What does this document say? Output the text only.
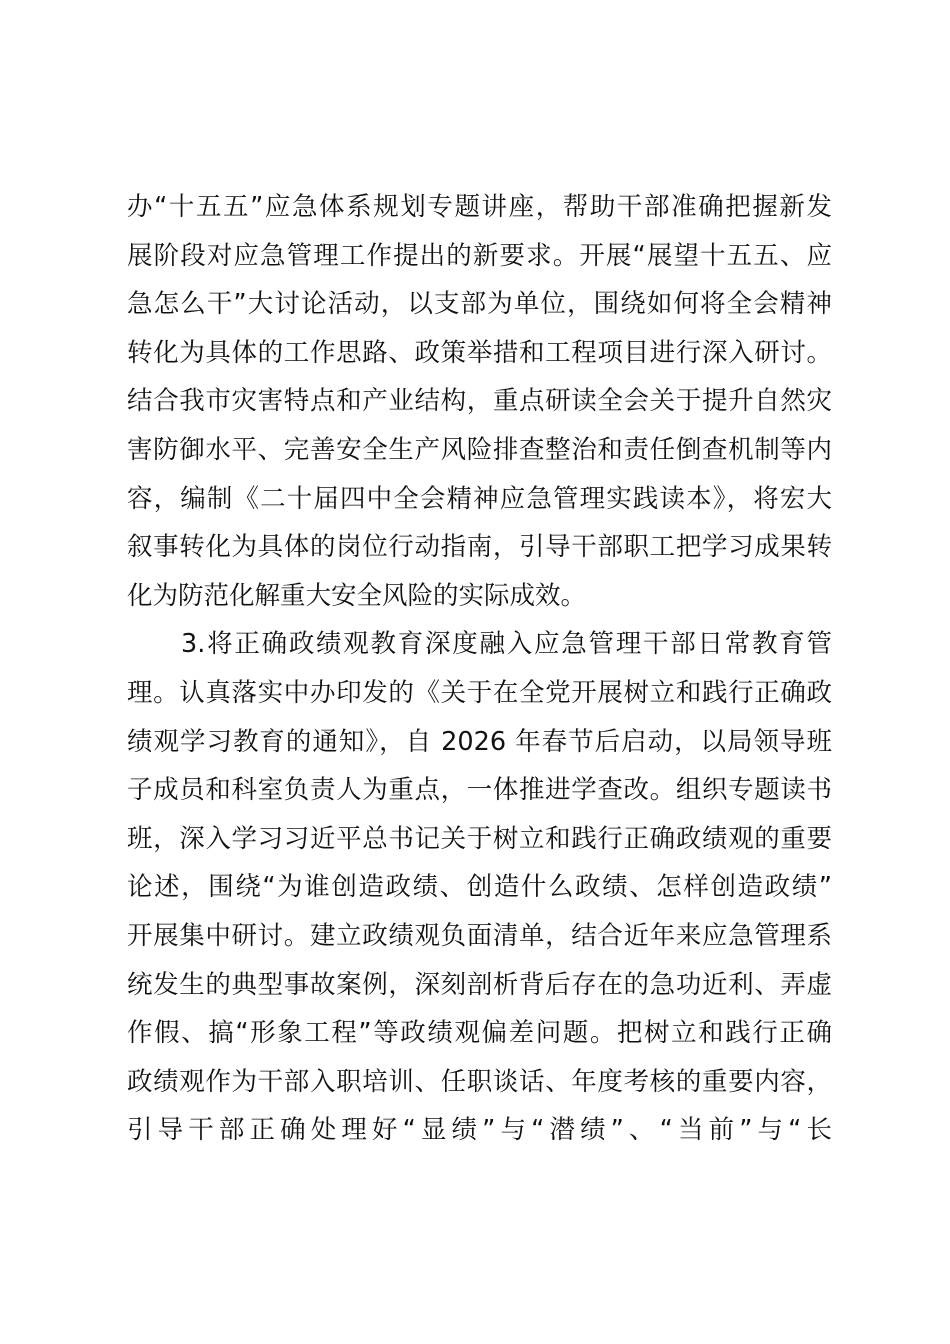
办“十五五”应急体系规划专题讲座，帮助干部准确把握新发
展阶段对应急管理工作提出的新要求。开展“展望十五五、应
急怎么干”大讨论活动，以支部为单位，围绕如何将全会精神
转化为具体的工作思路、政策举措和工程项目进行深入研讨。
结合我市灾害特点和产业结构，重点研读全会关于提升自然灾
害防御水平、完善安全生产风险排查整治和责任倒查机制等内
容，编制《二十届四中全会精神应急管理实践读本》，将宏大
叙事转化为具体的岗位行动指南，引导干部职工把学习成果转
化为防范化解重大安全风险的实际成效。
3.将正确政绩观教育深度融入应急管理干部日常教育管
理。认真落实中办印发的《关于在全党开展树立和践行正确政
绩观学习教育的通知》，自 2026 年春节后启动，以局领导班
子成员和科室负责人为重点，一体推进学查改。组织专题读书
班，深入学习习近平总书记关于树立和践行正确政绩观的重要
论述，围绕“为谁创造政绩、创造什么政绩、怎样创造政绩”
开展集中研讨。建立政绩观负面清单，结合近年来应急管理系
统发生的典型事故案例，深刻剖析背后存在的急功近利、弄虚
作假、搞“形象工程”等政绩观偏差问题。把树立和践行正确
政绩观作为干部入职培训、任职谈话、年度考核的重要内容，
引导干部正确处理好“显绩”与“潜绩”、“当前”与“长
